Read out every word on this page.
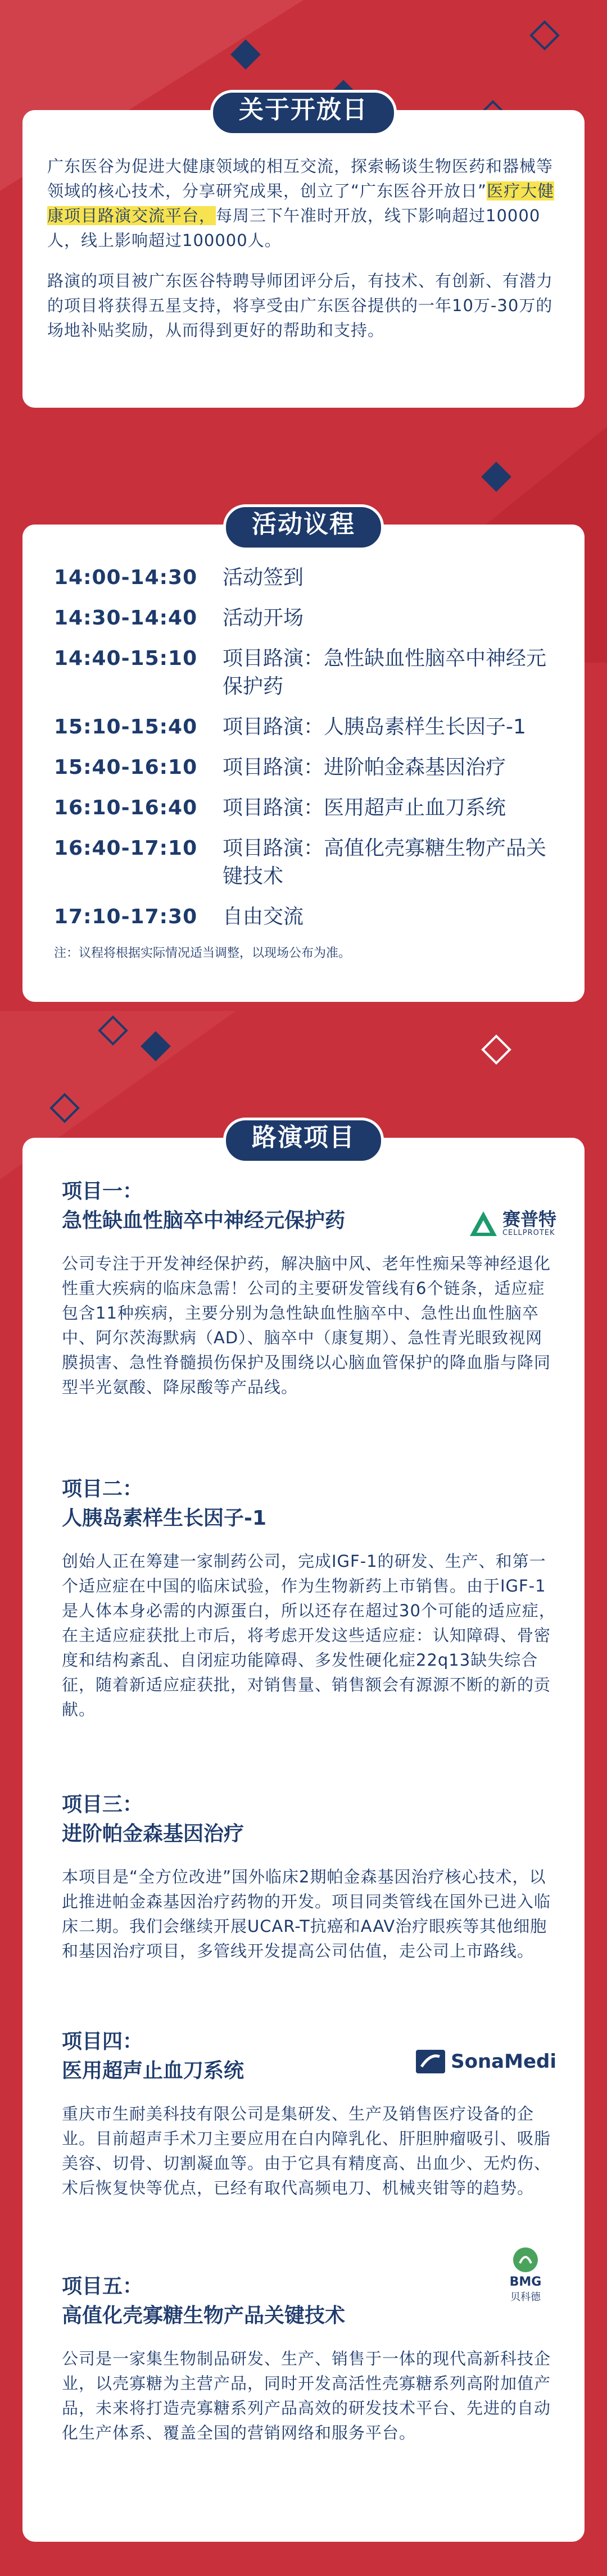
关于开放日

广东医谷为促进大健康领域的相互交流，探索畅谈生物医药和器械等领域的核心技术，分享研究成果，创立了“广东医谷开放日”医疗大健康项目路演交流平台，每周三下午准时开放，线下影响超过10000人，线上影响超过100000人。

路演的项目被广东医谷特聘导师团评分后，有技术、有创新、有潜力的项目将获得五星支持，将享受由广东医谷提供的一年10万-30万的场地补贴奖励，从而得到更好的帮助和支持。

活动议程
14:00-14:30	活动签到
14:30-14:40	活动开场
14:40-15:10	项目路演：急性缺血性脑卒中神经元保护药
15:10-15:40	项目路演：人胰岛素样生长因子-1
15:40-16:10	项目路演：进阶帕金森基因治疗
16:10-16:40	项目路演：医用超声止血刀系统
16:40-17:10	项目路演：高值化壳寡糖生物产品关键技术
17:10-17:30	自由交流
注：议程将根据实际情况适当调整，以现场公布为准。
路演项目
项目一：
急性缺血性脑卒中神经元保护药	赛普特
CELLPROTEK
公司专注于开发神经保护药，解决脑中风、老年性痴呆等神经退化性重大疾病的临床急需！公司的主要研发管线有6个链条，适应症包含11种疾病，主要分别为急性缺血性脑卒中、急性出血性脑卒中、阿尔茨海默病（AD）、脑卒中（康复期）、急性青光眼致视网膜损害、急性脊髓损伤保护及围绕以心脑血管保护的降血脂与降同型半光氨酸、降尿酸等产品线。
项目二：
人胰岛素样生长因子-1
创始人正在筹建一家制药公司，完成IGF-1的研发、生产、和第一个适应症在中国的临床试验，作为生物新药上市销售。由于IGF-1是人体本身必需的内源蛋白，所以还存在超过30个可能的适应症，在主适应症获批上市后，将考虑开发这些适应症：认知障碍、骨密度和结构紊乱、自闭症功能障碍、多发性硬化症22q13缺失综合征，随着新适应症获批，对销售量、销售额会有源源不断的新的贡献。
项目三：
进阶帕金森基因治疗
本项目是“全方位改进”国外临床2期帕金森基因治疗核心技术，以此推进帕金森基因治疗药物的开发。项目同类管线在国外已进入临床二期。我们会继续开展UCAR-T抗癌和AAV治疗眼疾等其他细胞和基因治疗项目，多管线开发提高公司估值，走公司上市路线。
项目四：
医用超声止血刀系统	SonaMedi
重庆市生耐美科技有限公司是集研发、生产及销售医疗设备的企业。目前超声手术刀主要应用在白内障乳化、肝胆肿瘤吸引、吸脂美容、切骨、切割凝血等。由于它具有精度高、出血少、无灼伤、术后恢复快等优点，已经有取代高频电刀、机械夹钳等的趋势。
项目五：
高值化壳寡糖生物产品关键技术
BMG
贝科德
公司是一家集生物制品研发、生产、销售于一体的现代高新科技企业，以壳寡糖为主营产品，同时开发高活性壳寡糖系列高附加值产品，未来将打造壳寡糖系列产品高效的研发技术平台、先进的自动化生产体系、覆盖全国的营销网络和服务平台。
